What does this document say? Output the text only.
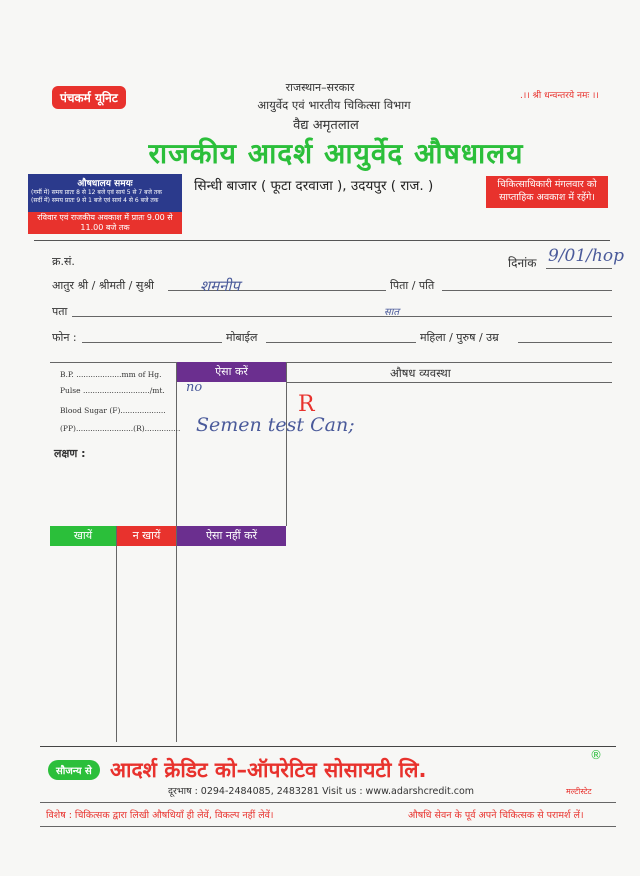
पंचकर्म यूनिट
राजस्थान–सरकार
आयुर्वेद एवं भारतीय चिकित्सा विभाग
वैद्य अमृतलाल
.।। श्री धन्वन्तरये नमः ।।
राजकीय आदर्श आयुर्वेद औषधालय
औषधालय समयः
(गर्मी में) समय प्रातः 8 से 12 बजे एवं सायं 5 से 7 बजे तक
(सर्दी में) समय प्रातः 9 से 1 बजे एवं सायं 4 से 6 बजे तक
रविवार एवं राजकीय अवकाश में प्रातः 9.00 से 11.00 बजे तक
सिन्धी बाजार ( फूटा दरवाजा ), उदयपुर ( राज. )	चिकित्साधिकारी मंगलवार को साप्ताहिक अवकाश में रहेंगे।
क्र.सं.	दिनांक 9/01/hop
आतुर श्री / श्रीमती / सुश्री	शमनीप	पिता / पति
पता	सात
फोन :	मोबाईल	महिला / पुरुष / उम्र
ऐसा करें	औषध व्यवस्था
B.P. ...................mm of Hg.
Pulse ............................/mt.
Blood Sugar (F)...................
(PP)........................(R)...............
लक्षण :
no
R
Semen test Can;
खायें	न खायें	ऐसा नहीं करें
सौजन्य से आदर्श क्रेडिट को–ऑपरेटिव सोसायटी लि.
®
दूरभाष : 0294-2484085, 2483281 Visit us : www.adarshcredit.com	मल्टीस्टेट
विशेष : चिकित्सक द्वारा लिखी औषधियाँ ही लेवें, विकल्प नहीं लेवें।	औषधि सेवन के पूर्व अपने चिकित्सक से परामर्श लें।
